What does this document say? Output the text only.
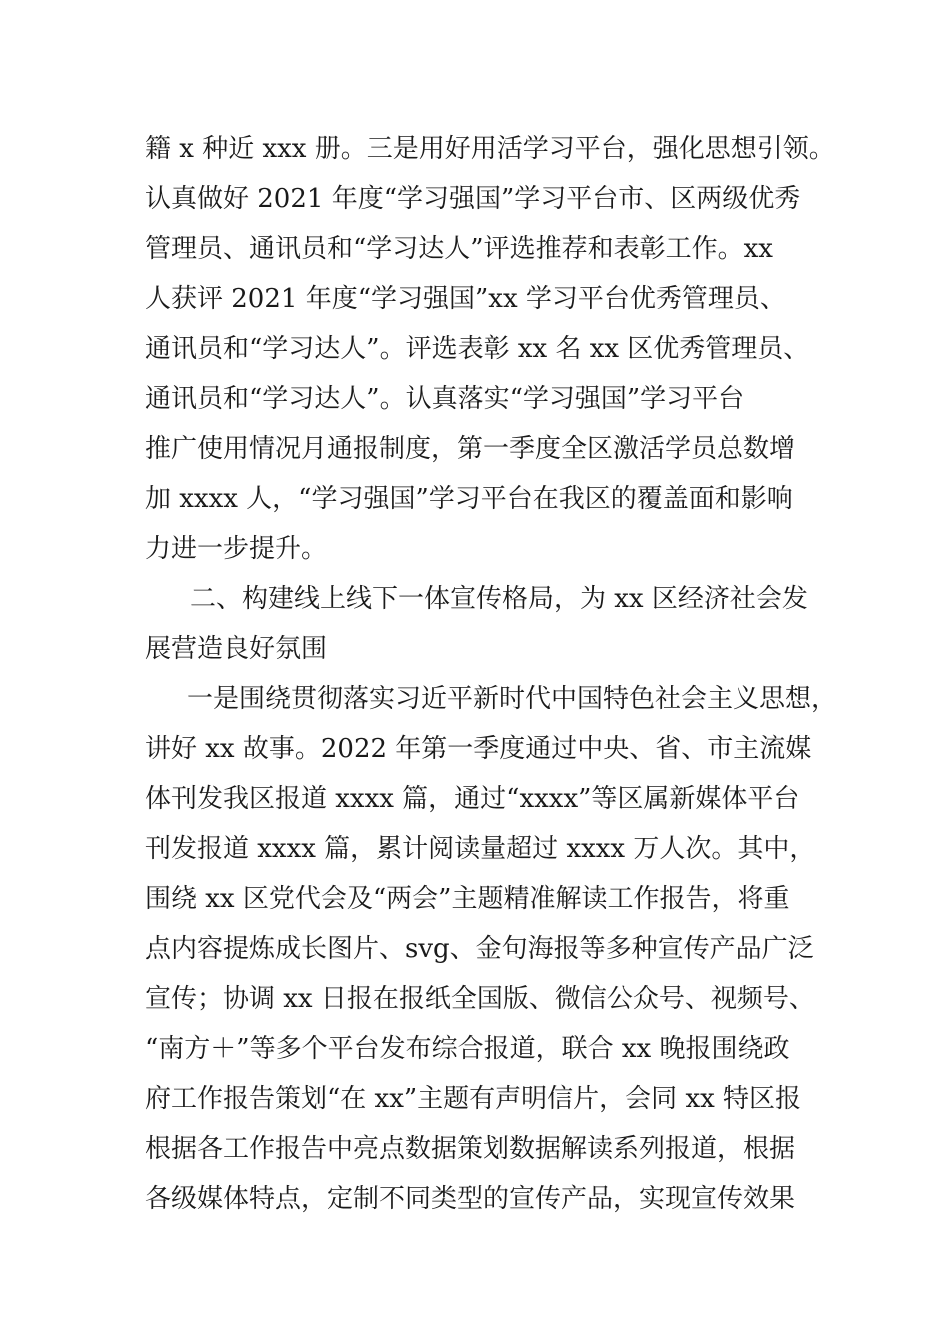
籍 x 种近 xxx 册。三是用好用活学习平台，强化思想引领。

认真做好 2021 年度“学习强国”学习平台市、区两级优秀

管理员、通讯员和“学习达人”评选推荐和表彰工作。xx

人获评 2021 年度“学习强国”xx 学习平台优秀管理员、

通讯员和“学习达人”。评选表彰 xx 名 xx 区优秀管理员、

通讯员和“学习达人”。认真落实“学习强国”学习平台

推广使用情况月通报制度，第一季度全区激活学员总数增

加 xxxx 人，“学习强国”学习平台在我区的覆盖面和影响

力进一步提升。

二、构建线上线下一体宣传格局，为 xx 区经济社会发

展营造良好氛围

一是围绕贯彻落实习近平新时代中国特色社会主义思想，

讲好 xx 故事。2022 年第一季度通过中央、省、市主流媒

体刊发我区报道 xxxx 篇，通过“xxxx”等区属新媒体平台

刊发报道 xxxx 篇，累计阅读量超过 xxxx 万人次。其中，

围绕 xx 区党代会及“两会”主题精准解读工作报告，将重

点内容提炼成长图片、svg、金句海报等多种宣传产品广泛

宣传；协调 xx 日报在报纸全国版、微信公众号、视频号、

“南方＋”等多个平台发布综合报道，联合 xx 晚报围绕政

府工作报告策划“在 xx”主题有声明信片，会同 xx 特区报

根据各工作报告中亮点数据策划数据解读系列报道，根据

各级媒体特点，定制不同类型的宣传产品，实现宣传效果
